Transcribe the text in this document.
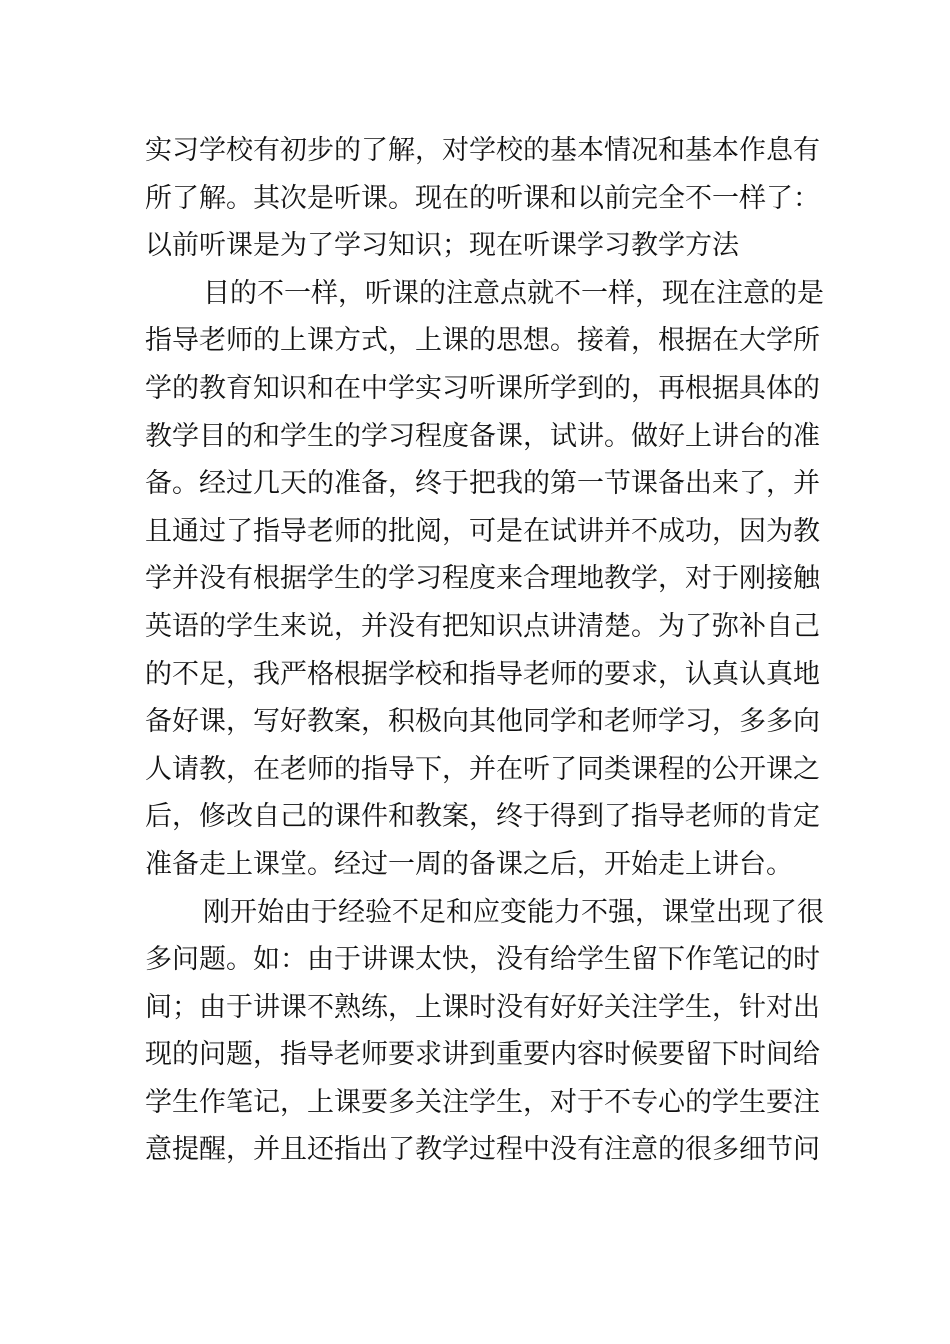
实习学校有初步的了解，对学校的基本情况和基本作息有
所了解。其次是听课。现在的听课和以前完全不一样了：
以前听课是为了学习知识；现在听课学习教学方法
目的不一样，听课的注意点就不一样，现在注意的是
指导老师的上课方式，上课的思想。接着，根据在大学所
学的教育知识和在中学实习听课所学到的，再根据具体的
教学目的和学生的学习程度备课，试讲。做好上讲台的准
备。经过几天的准备，终于把我的第一节课备出来了，并
且通过了指导老师的批阅，可是在试讲并不成功，因为教
学并没有根据学生的学习程度来合理地教学，对于刚接触
英语的学生来说，并没有把知识点讲清楚。为了弥补自己
的不足，我严格根据学校和指导老师的要求，认真认真地
备好课，写好教案，积极向其他同学和老师学习，多多向
人请教，在老师的指导下，并在听了同类课程的公开课之
后，修改自己的课件和教案，终于得到了指导老师的肯定
准备走上课堂。经过一周的备课之后，开始走上讲台。
刚开始由于经验不足和应变能力不强，课堂出现了很
多问题。如：由于讲课太快，没有给学生留下作笔记的时
间；由于讲课不熟练，上课时没有好好关注学生，针对出
现的问题，指导老师要求讲到重要内容时候要留下时间给
学生作笔记，上课要多关注学生，对于不专心的学生要注
意提醒，并且还指出了教学过程中没有注意的很多细节问
